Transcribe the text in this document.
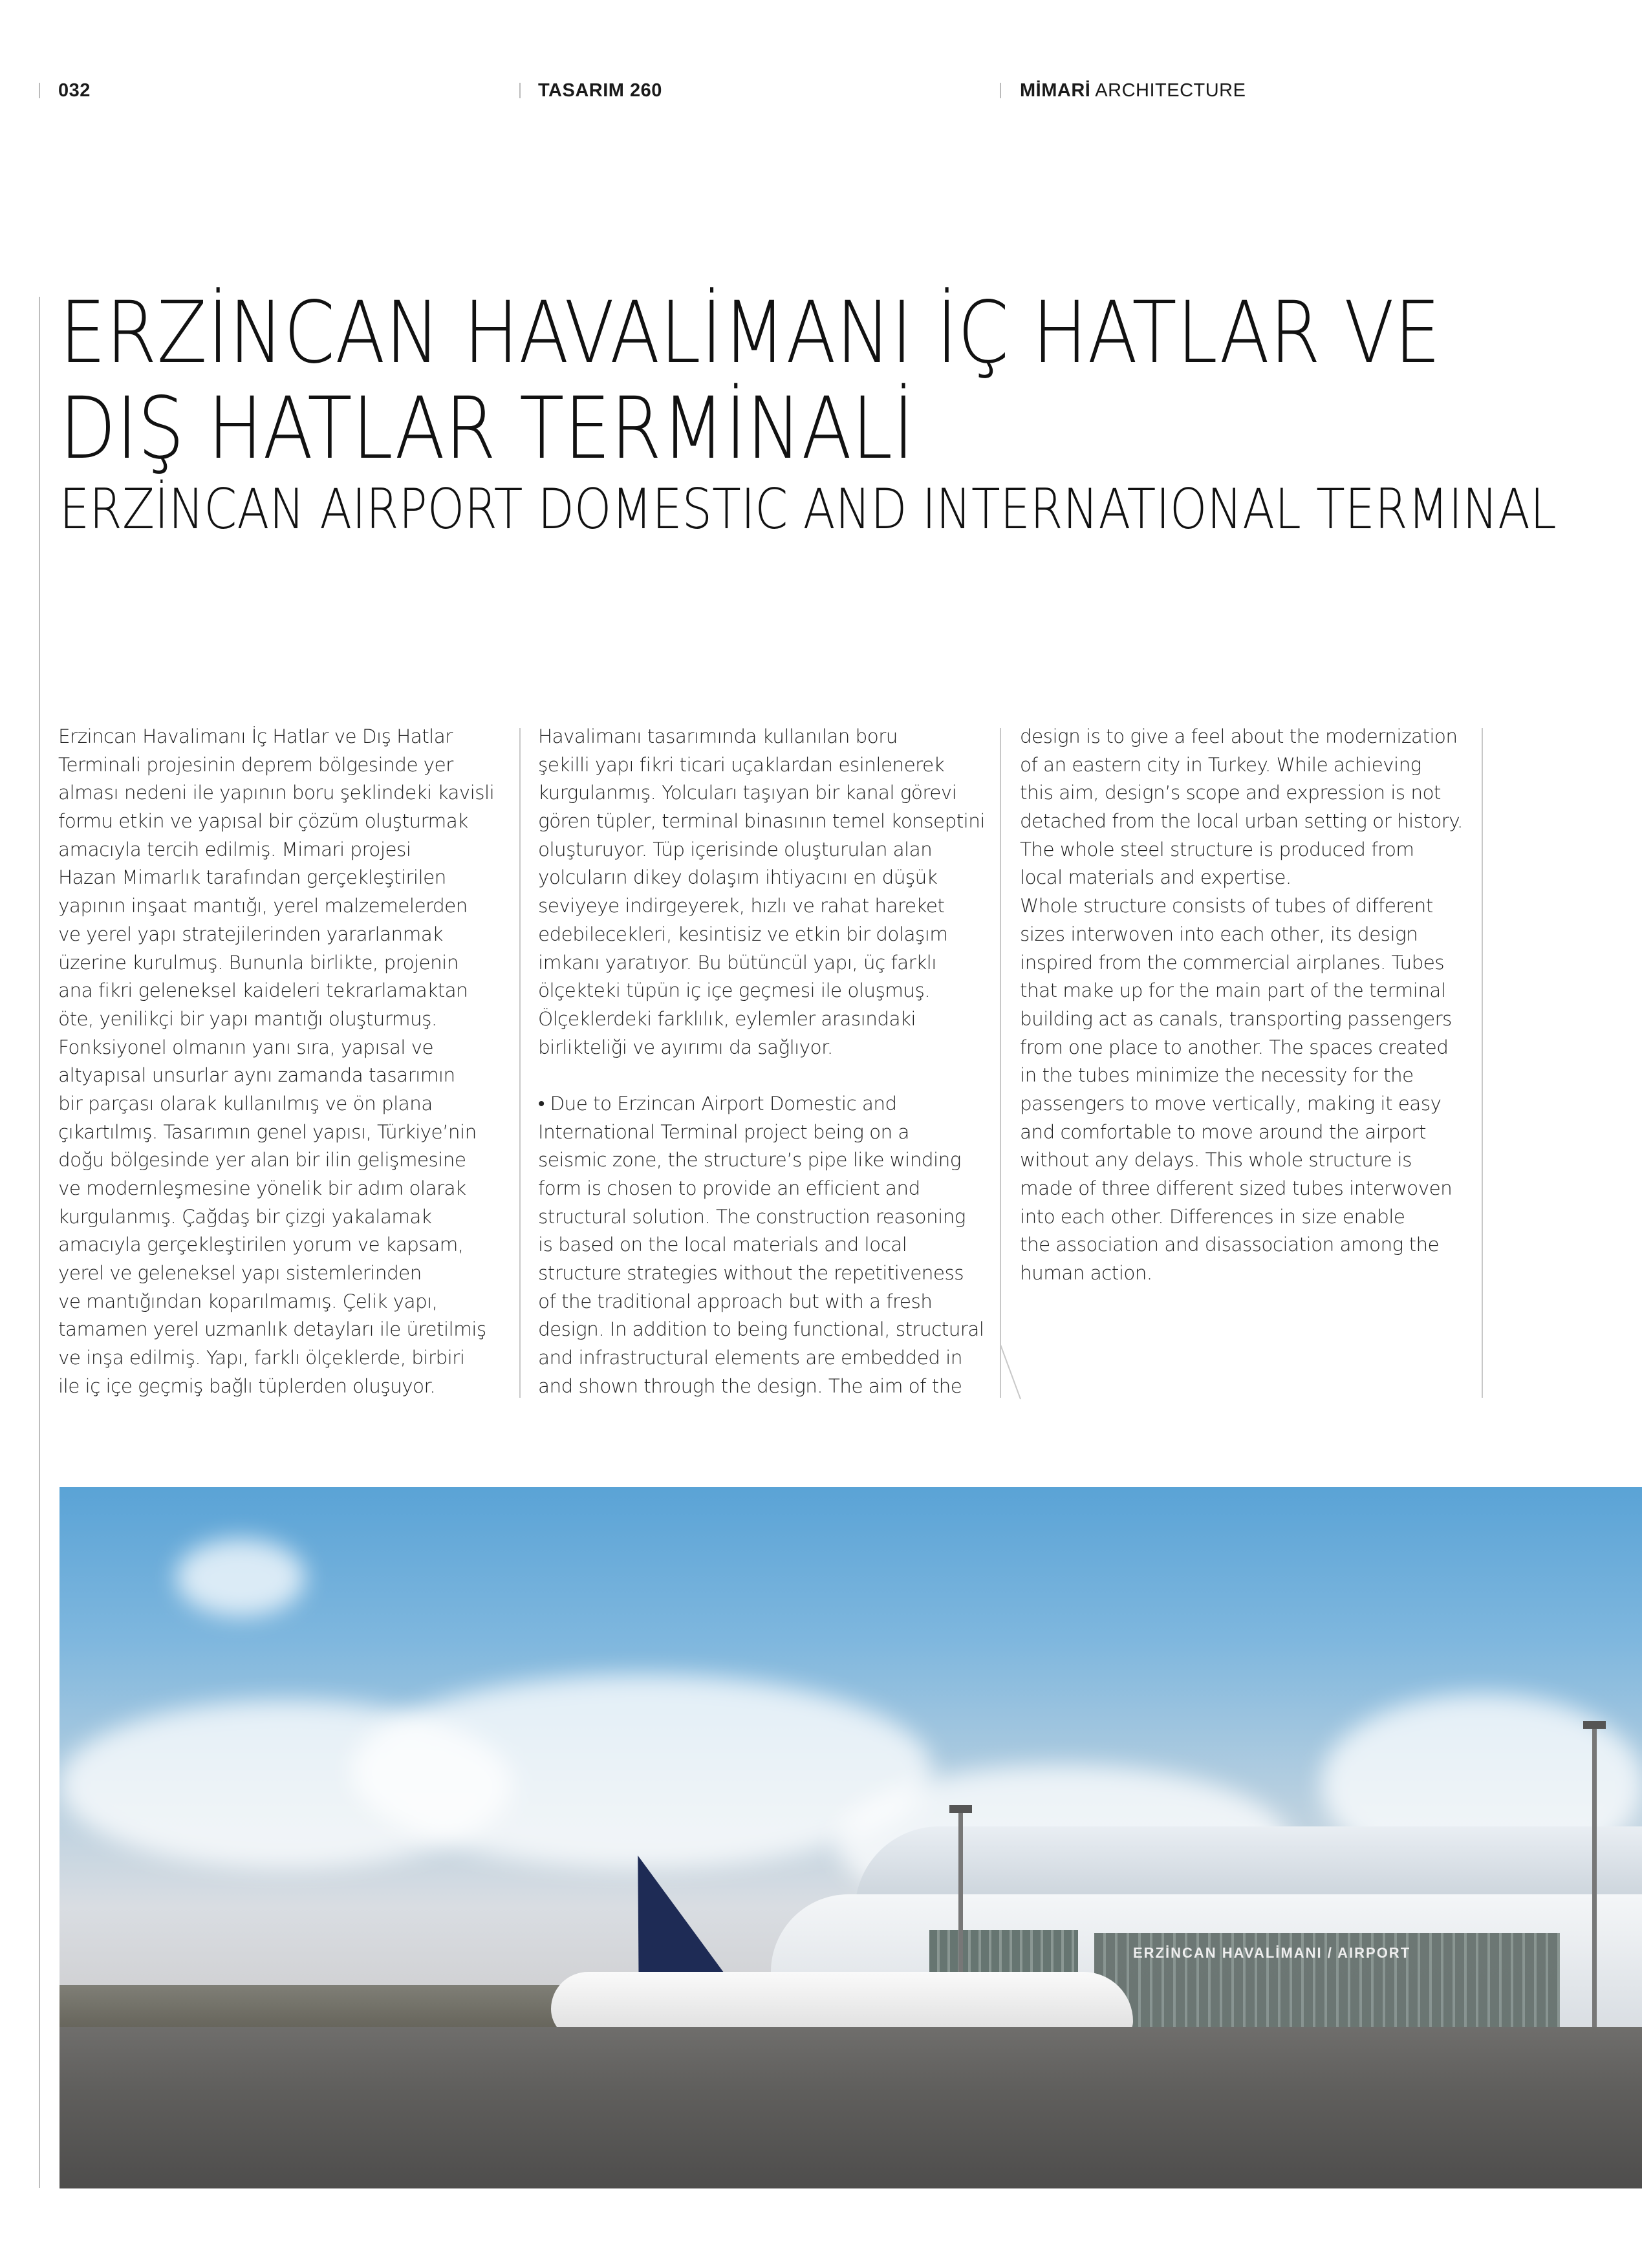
032	TASARIM 260	MİMARİ ARCHITECTURE
ERZİNCAN HAVALİMANI İÇ HATLAR VE
DIŞ HATLAR TERMİNALİ
ERZİNCAN AIRPORT DOMESTIC AND INTERNATIONAL TERMINAL
Erzincan Havalimanı İç Hatlar ve Dış Hatlar
Terminali projesinin deprem bölgesinde yer
alması nedeni ile yapının boru şeklindeki kavisli
formu etkin ve yapısal bir çözüm oluşturmak
amacıyla tercih edilmiş. Mimari projesi
Hazan Mimarlık tarafından gerçekleştirilen
yapının inşaat mantığı, yerel malzemelerden
ve yerel yapı stratejilerinden yararlanmak
üzerine kurulmuş. Bununla birlikte, projenin
ana fikri geleneksel kaideleri tekrarlamaktan
öte, yenilikçi bir yapı mantığı oluşturmuş.
Fonksiyonel olmanın yanı sıra, yapısal ve
altyapısal unsurlar aynı zamanda tasarımın
bir parçası olarak kullanılmış ve ön plana
çıkartılmış. Tasarımın genel yapısı, Türkiye’nin
doğu bölgesinde yer alan bir ilin gelişmesine
ve modernleşmesine yönelik bir adım olarak
kurgulanmış. Çağdaş bir çizgi yakalamak
amacıyla gerçekleştirilen yorum ve kapsam,
yerel ve geleneksel yapı sistemlerinden
ve mantığından koparılmamış. Çelik yapı,
tamamen yerel uzmanlık detayları ile üretilmiş
ve inşa edilmiş. Yapı, farklı ölçeklerde, birbiri
ile iç içe geçmiş bağlı tüplerden oluşuyor.
Havalimanı tasarımında kullanılan boru
şekilli yapı fikri ticari uçaklardan esinlenerek
kurgulanmış. Yolcuları taşıyan bir kanal görevi
gören tüpler, terminal binasının temel konseptini
oluşturuyor. Tüp içerisinde oluşturulan alan
yolcuların dikey dolaşım ihtiyacını en düşük
seviyeye indirgeyerek, hızlı ve rahat hareket
edebilecekleri, kesintisiz ve etkin bir dolaşım
imkanı yaratıyor. Bu bütüncül yapı, üç farklı
ölçekteki tüpün iç içe geçmesi ile oluşmuş.
Ölçeklerdeki farklılık, eylemler arasındaki
birlikteliği ve ayırımı da sağlıyor.
• Due to Erzincan Airport Domestic and
International Terminal project being on a
seismic zone, the structure’s pipe like winding
form is chosen to provide an efficient and
structural solution. The construction reasoning
is based on the local materials and local
structure strategies without the repetitiveness
of the traditional approach but with a fresh
design. In addition to being functional, structural
and infrastructural elements are embedded in
and shown through the design. The aim of the
design is to give a feel about the modernization
of an eastern city in Turkey. While achieving
this aim, design’s scope and expression is not
detached from the local urban setting or history.
The whole steel structure is produced from
local materials and expertise.
Whole structure consists of tubes of different
sizes interwoven into each other, its design
inspired from the commercial airplanes. Tubes
that make up for the main part of the terminal
building act as canals, transporting passengers
from one place to another. The spaces created
in the tubes minimize the necessity for the
passengers to move vertically, making it easy
and comfortable to move around the airport
without any delays. This whole structure is
made of three different sized tubes interwoven
into each other. Differences in size enable
the association and disassociation among the
human action.
ERZİNCAN HAVALİMANI / AIRPORT
